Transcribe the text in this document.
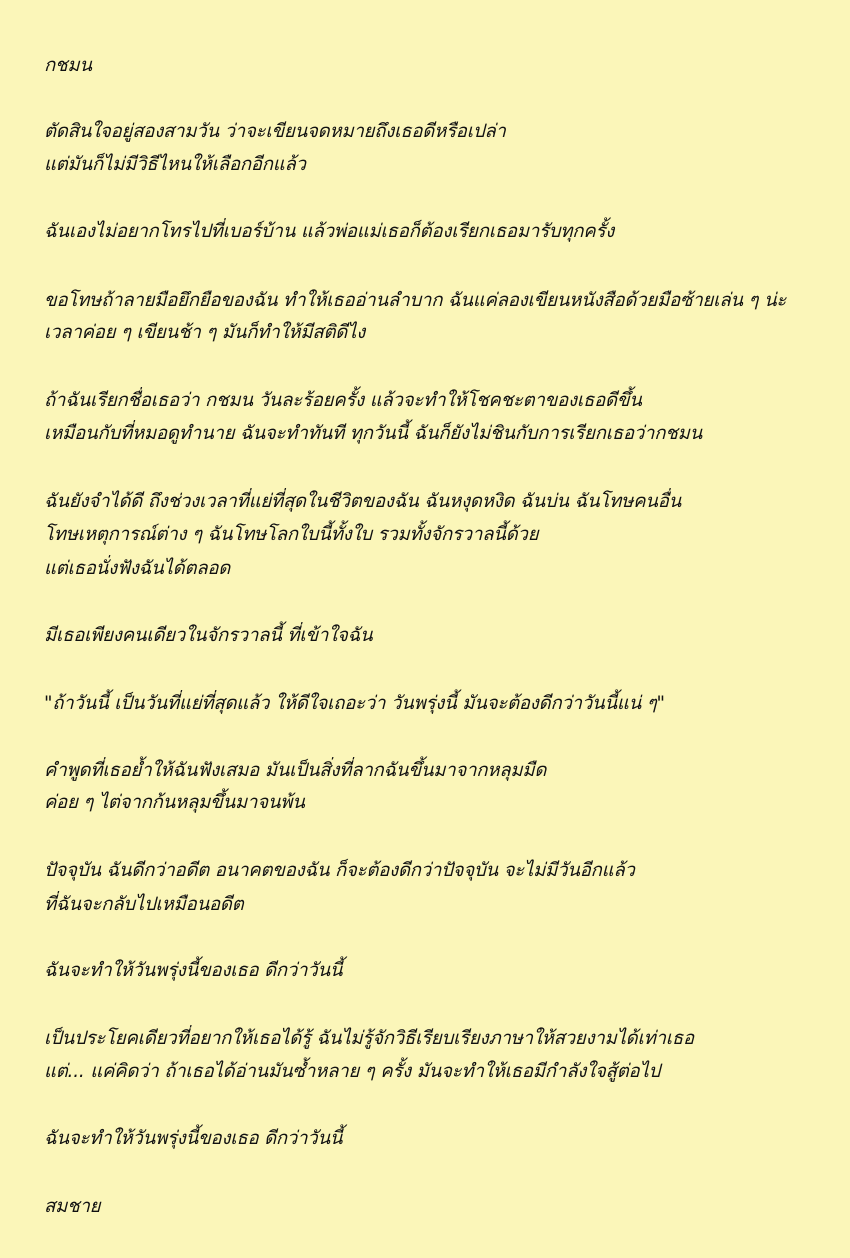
กชมน
ตัดสินใจอยู่สองสามวัน ว่าจะเขียนจดหมายถึงเธอดีหรือเปล่า
แต่มันก็ไม่มีวิธีไหนให้เลือกอีกแล้ว
ฉันเองไม่อยากโทรไปที่เบอร์บ้าน แล้วพ่อแม่เธอก็ต้องเรียกเธอมารับทุกครั้ง
ขอโทษถ้าลายมือยึกยือของฉัน ทำให้เธออ่านลำบาก ฉันแค่ลองเขียนหนังสือด้วยมือซ้ายเล่น ๆ น่ะ
เวลาค่อย ๆ เขียนช้า ๆ มันก็ทำให้มีสติดีไง
ถ้าฉันเรียกชื่อเธอว่า กชมน วันละร้อยครั้ง แล้วจะทำให้โชคชะตาของเธอดีขึ้น
เหมือนกับที่หมอดูทำนาย ฉันจะทำทันที ทุกวันนี้ ฉันก็ยังไม่ชินกับการเรียกเธอว่ากชมน
ฉันยังจำได้ดี ถึงช่วงเวลาที่แย่ที่สุดในชีวิตของฉัน ฉันหงุดหงิด ฉันบ่น ฉันโทษคนอื่น
โทษเหตุการณ์ต่าง ๆ ฉันโทษโลกใบนี้ทั้งใบ รวมทั้งจักรวาลนี้ด้วย
แต่เธอนั่งฟังฉันได้ตลอด
มีเธอเพียงคนเดียวในจักรวาลนี้ ที่เข้าใจฉัน
"ถ้าวันนี้ เป็นวันที่แย่ที่สุดแล้ว ให้ดีใจเถอะว่า วันพรุ่งนี้ มันจะต้องดีกว่าวันนี้แน่ ๆ"
คำพูดที่เธอย้ำให้ฉันฟังเสมอ มันเป็นสิ่งที่ลากฉันขึ้นมาจากหลุมมืด
ค่อย ๆ ไต่จากก้นหลุมขึ้นมาจนพ้น
ปัจจุบัน ฉันดีกว่าอดีต อนาคตของฉัน ก็จะต้องดีกว่าปัจจุบัน จะไม่มีวันอีกแล้ว
ที่ฉันจะกลับไปเหมือนอดีต
ฉันจะทำให้วันพรุ่งนี้ของเธอ ดีกว่าวันนี้
เป็นประโยคเดียวที่อยากให้เธอได้รู้ ฉันไม่รู้จักวิธีเรียบเรียงภาษาให้สวยงามได้เท่าเธอ
แต่... แค่คิดว่า ถ้าเธอได้อ่านมันซ้ำหลาย ๆ ครั้ง มันจะทำให้เธอมีกำลังใจสู้ต่อไป
ฉันจะทำให้วันพรุ่งนี้ของเธอ ดีกว่าวันนี้
สมชาย
